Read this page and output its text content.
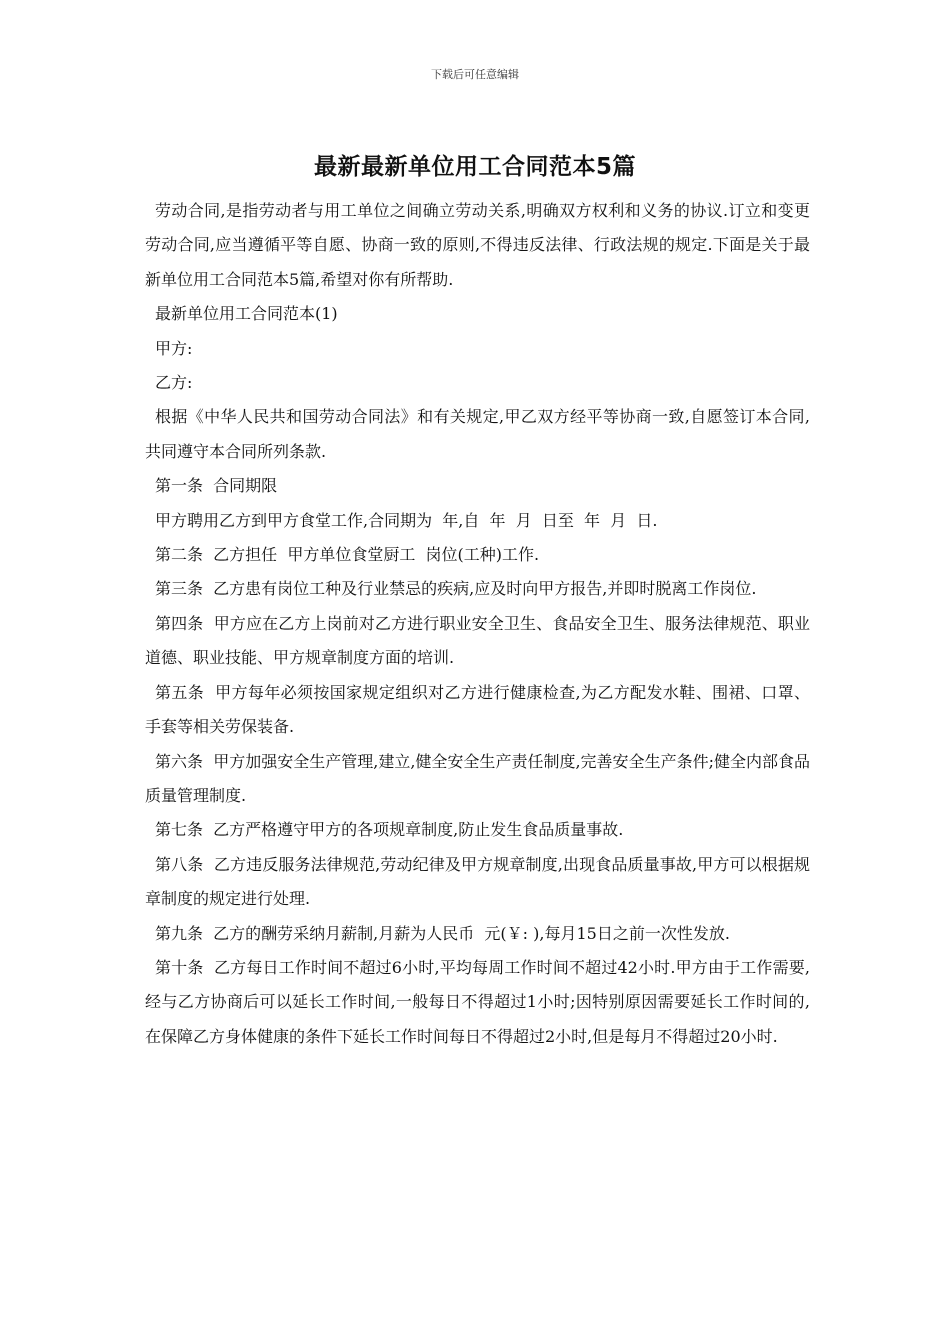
下载后可任意编辑
最新最新单位用工合同范本5篇

劳动合同,是指劳动者与用工单位之间确立劳动关系,明确双方权利和义务的协议.订立和变更劳动合同,应当遵循平等自愿、协商一致的原则,不得违反法律、行政法规的规定.下面是关于最新单位用工合同范本5篇,希望对你有所帮助.

最新单位用工合同范本(1)

甲方:

乙方:

根据《中华人民共和国劳动合同法》和有关规定,甲乙双方经平等协商一致,自愿签订本合同,共同遵守本合同所列条款.

第一条  合同期限

甲方聘用乙方到甲方食堂工作,合同期为  年,自  年  月  日至  年  月  日.

第二条  乙方担任  甲方单位食堂厨工  岗位(工种)工作.

第三条  乙方患有岗位工种及行业禁忌的疾病,应及时向甲方报告,并即时脱离工作岗位.

第四条  甲方应在乙方上岗前对乙方进行职业安全卫生、食品安全卫生、服务法律规范、职业道德、职业技能、甲方规章制度方面的培训.

第五条  甲方每年必须按国家规定组织对乙方进行健康检查,为乙方配发水鞋、围裙、口罩、手套等相关劳保装备.

第六条  甲方加强安全生产管理,建立,健全安全生产责任制度,完善安全生产条件;健全内部食品质量管理制度.

第七条  乙方严格遵守甲方的各项规章制度,防止发生食品质量事故.

第八条  乙方违反服务法律规范,劳动纪律及甲方规章制度,出现食品质量事故,甲方可以根据规章制度的规定进行处理.

第九条  乙方的酬劳采纳月薪制,月薪为人民币  元(￥: ),每月15日之前一次性发放.

第十条  乙方每日工作时间不超过6小时,平均每周工作时间不超过42小时.甲方由于工作需要,经与乙方协商后可以延长工作时间,一般每日不得超过1小时;因特别原因需要延长工作时间的,在保障乙方身体健康的条件下延长工作时间每日不得超过2小时,但是每月不得超过20小时.
